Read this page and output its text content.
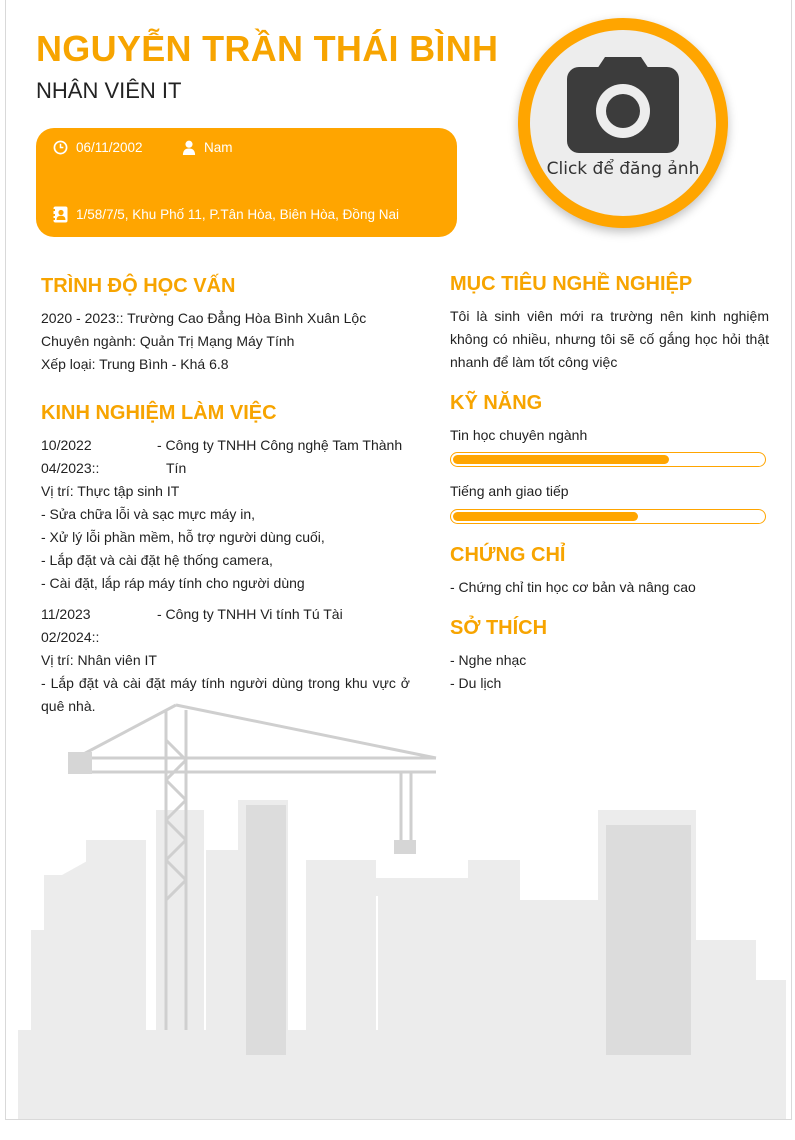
NGUYỄN TRẦN THÁI BÌNH
NHÂN VIÊN IT
06/11/2002	Nam
1/58/7/5, Khu Phố 11, P.Tân Hòa, Biên Hòa, Đồng Nai
Click để đăng ảnh
TRÌNH ĐỘ HỌC VẤN
2020 - 2023:: Trường Cao Đẳng Hòa Bình Xuân Lộc
Chuyên ngành: Quản Trị Mạng Máy Tính
Xếp loại: Trung Bình - Khá 6.8
KINH NGHIỆM LÀM VIỆC
10/2022
04/2023::
- Công ty TNHH Công nghệ Tam Thành
Tín
Vị trí: Thực tập sinh IT
- Sửa chữa lỗi và sạc mực máy in,
- Xử lý lỗi phần mềm, hỗ trợ người dùng cuối,
- Lắp đặt và cài đặt hệ thống camera,
- Cài đặt, lắp ráp máy tính cho người dùng
11/2023
02/2024::
- Công ty TNHH Vi tính Tú Tài
Vị trí: Nhân viên IT
- Lắp đặt và cài đặt máy tính người dùng trong khu vực ở quê nhà.
MỤC TIÊU NGHỀ NGHIỆP
Tôi là sinh viên mới ra trường nên kinh nghiệm không có nhiều, nhưng tôi sẽ cố gắng học hỏi thật nhanh để làm tốt công việc
KỸ NĂNG
Tin học chuyên ngành
Tiếng anh giao tiếp
CHỨNG CHỈ
- Chứng chỉ tin học cơ bản và nâng cao
SỞ THÍCH
- Nghe nhạc
- Du lịch
